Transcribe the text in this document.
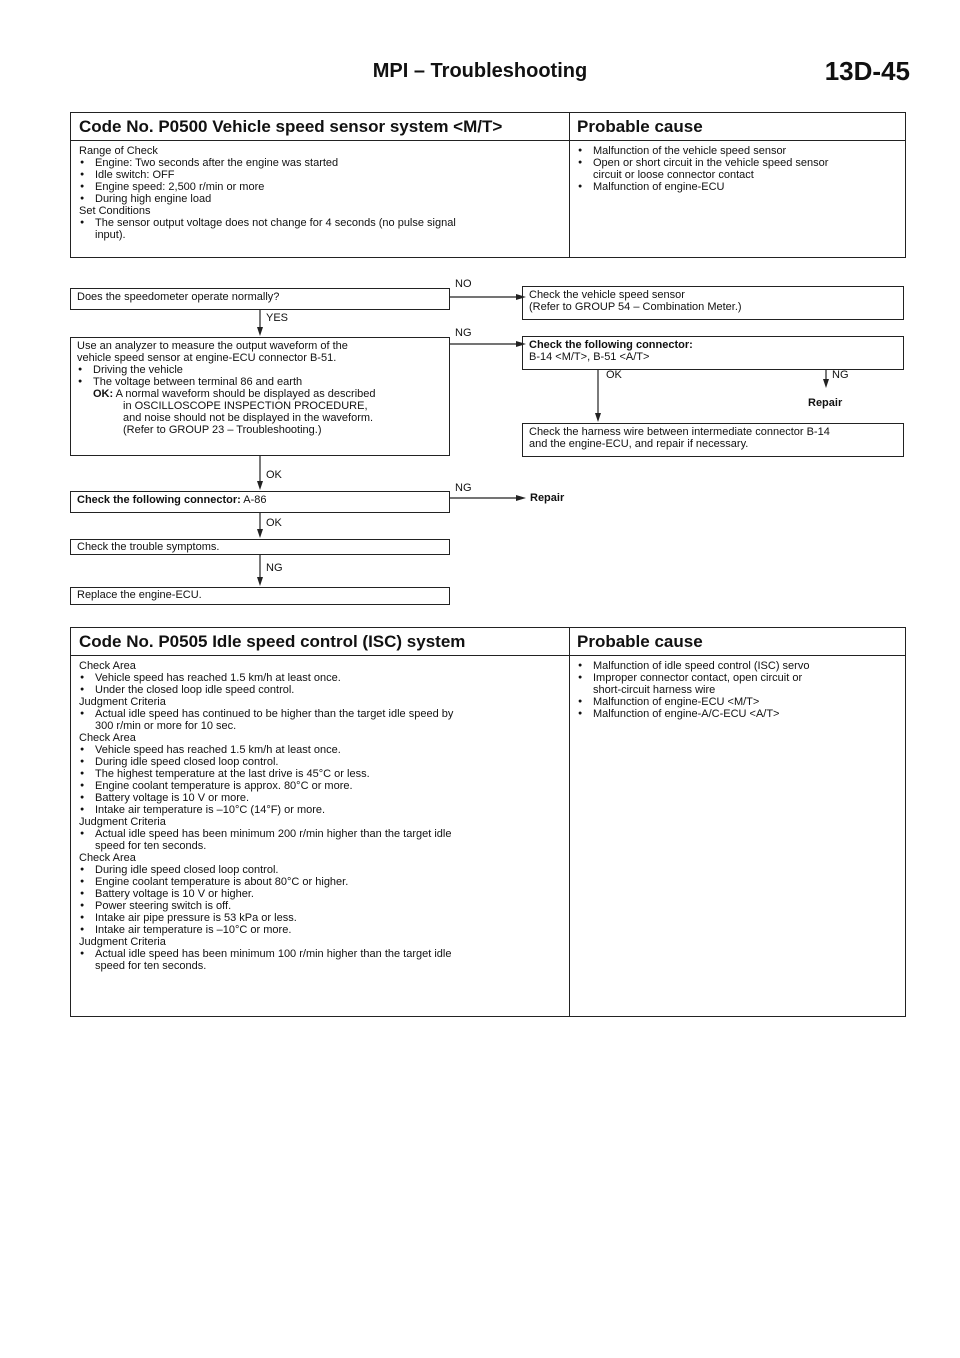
MPI – Troubleshooting	13D-45
Code No. P0500 Vehicle speed sensor system <M/T>
Range of Check
● Engine: Two seconds after the engine was started
● Idle switch: OFF
● Engine speed: 2,500 r/min or more
● During high engine load
Set Conditions
● The sensor output voltage does not change for 4 seconds (no pulse signal
input).
Probable cause
● Malfunction of the vehicle speed sensor
● Open or short circuit in the vehicle speed sensor
circuit or loose connector contact
● Malfunction of engine-ECU
Does the speedometer operate normally?
NO
YES
Check the vehicle speed sensor
(Refer to GROUP 54 – Combination Meter.)
Use an analyzer to measure the output waveform of the
vehicle speed sensor at engine-ECU connector B-51.
● Driving the vehicle
● The voltage between terminal 86 and earth
OK: A normal waveform should be displayed as described
in OSCILLOSCOPE INSPECTION PROCEDURE,
and noise should not be displayed in the waveform.
(Refer to GROUP 23 – Troubleshooting.)
NG
Check the following connector:
B-14 <M/T>, B-51 <A/T>
OK	NG
Repair
Check the harness wire between intermediate connector B-14
and the engine-ECU, and repair if necessary.
OK
Check the following connector: A-86
NG
Repair
OK
Check the trouble symptoms.
NG
Replace the engine-ECU.
Code No. P0505 Idle speed control (ISC) system
Check Area
● Vehicle speed has reached 1.5 km/h at least once.
● Under the closed loop idle speed control.
Judgment Criteria
● Actual idle speed has continued to be higher than the target idle speed by
300 r/min or more for 10 sec.
Check Area
● Vehicle speed has reached 1.5 km/h at least once.
● During idle speed closed loop control.
● The highest temperature at the last drive is 45°C or less.
● Engine coolant temperature is approx. 80°C or more.
● Battery voltage is 10 V or more.
● Intake air temperature is –10°C (14°F) or more.
Judgment Criteria
● Actual idle speed has been minimum 200 r/min higher than the target idle
speed for ten seconds.
Check Area
● During idle speed closed loop control.
● Engine coolant temperature is about 80°C or higher.
● Battery voltage is 10 V or higher.
● Power steering switch is off.
● Intake air pipe pressure is 53 kPa or less.
● Intake air temperature is –10°C or more.
Judgment Criteria
● Actual idle speed has been minimum 100 r/min higher than the target idle
speed for ten seconds.
Probable cause
● Malfunction of idle speed control (ISC) servo
● Improper connector contact, open circuit or
short-circuit harness wire
● Malfunction of engine-ECU <M/T>
● Malfunction of engine-A/C-ECU <A/T>
